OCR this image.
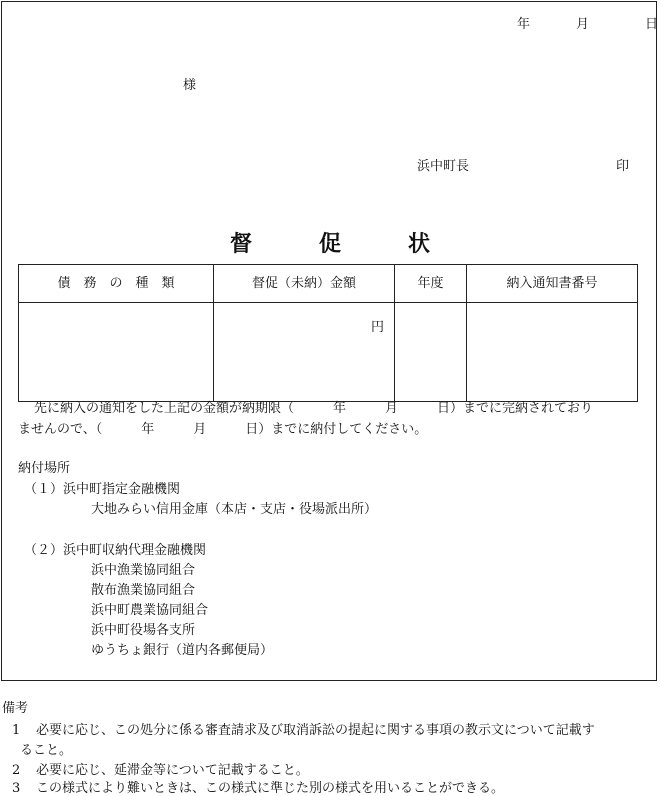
年	月	日
様
浜中町長	印
督	促	状
債　務　の　種　類	督促（未納）金額	年度	納入通知書番号
	円		
先に納入の通知をした上記の金額が納期限（　　　年　　　月　　　日）までに完納されており
ませんので、（　　　年　　　月　　　日）までに納付してください。
納付場所
（１）浜中町指定金融機関
大地みらい信用金庫（本店・支店・役場派出所）
（２）浜中町収納代理金融機関
浜中漁業協同組合
散布漁業協同組合
浜中町農業協同組合
浜中町役場各支所
ゆうちょ銀行（道内各郵便局）
備考
1 必要に応じ、この処分に係る審査請求及び取消訴訟の提起に関する事項の教示文について記載す
ること。
2 必要に応じ、延滞金等について記載すること。
3 この様式により難いときは、この様式に準じた別の様式を用いることができる。
